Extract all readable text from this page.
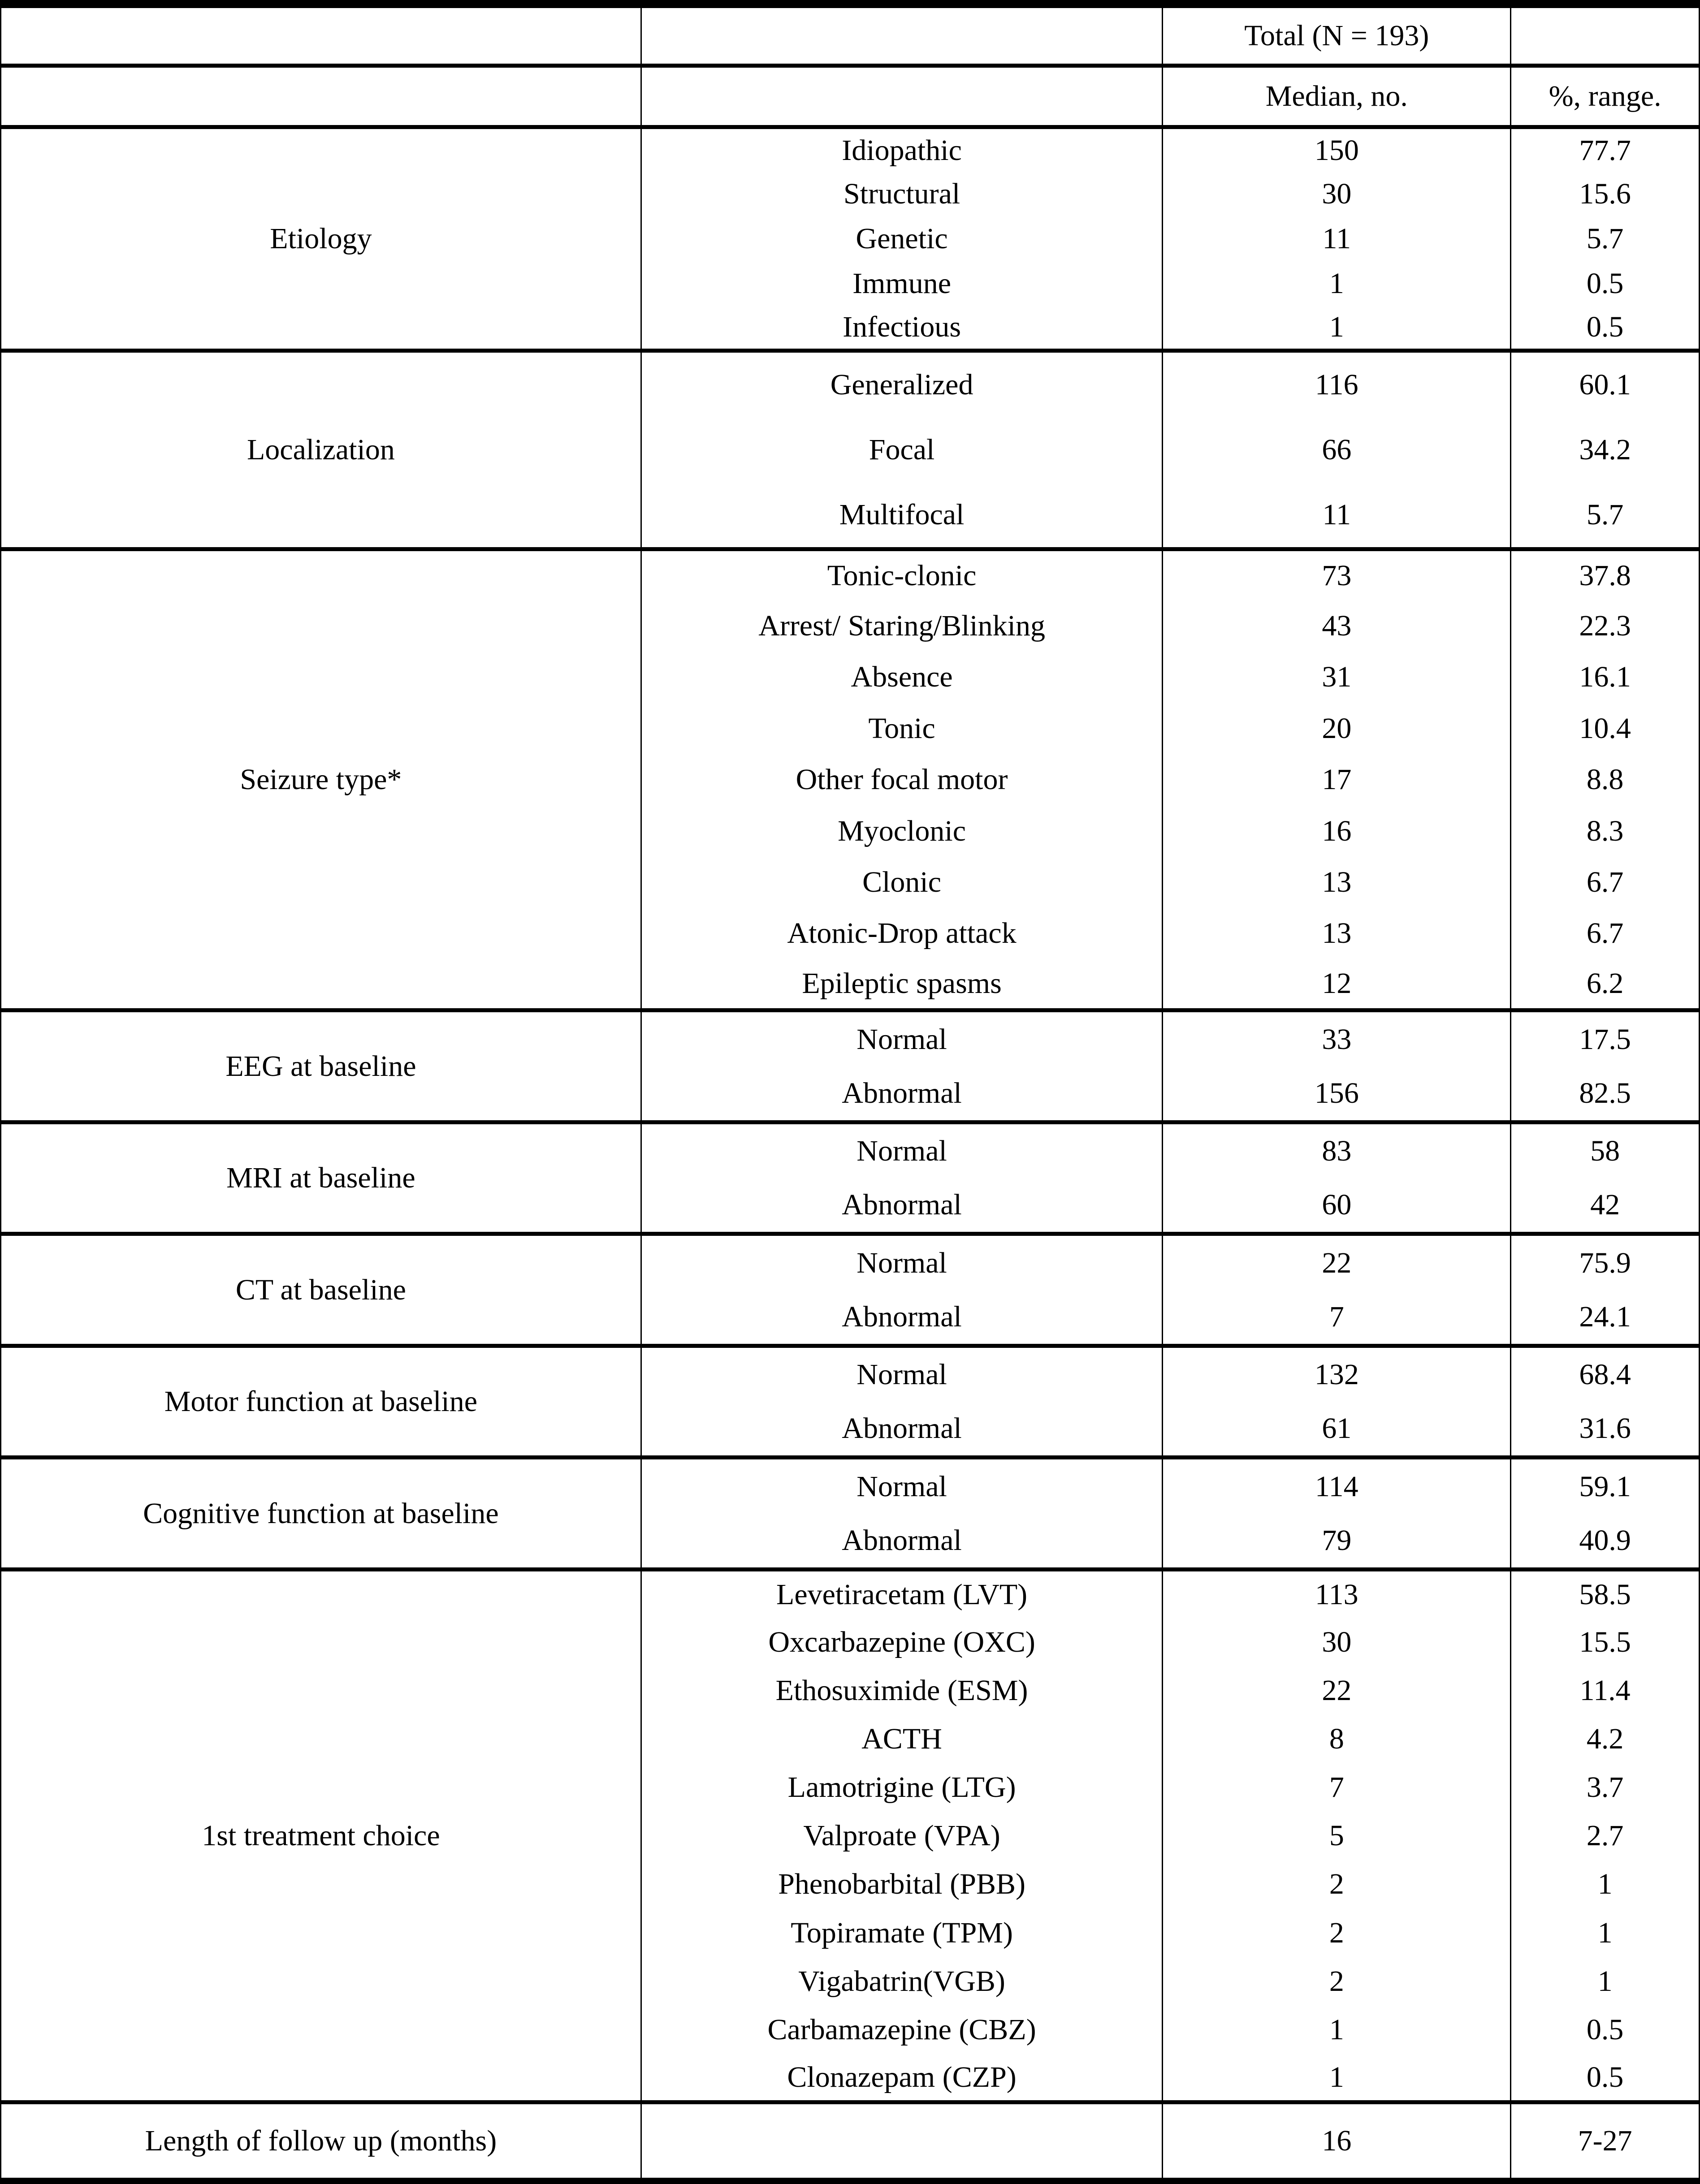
		Total (N = 193)	
		Median, no.	%, range.
Etiology	Idiopathic	150	77.7
	Structural	30	15.6
	Genetic	11	5.7
	Immune	1	0.5
	Infectious	1	0.5
Localization	Generalized	116	60.1
	Focal	66	34.2
	Multifocal	11	5.7
Seizure type*	Tonic-clonic	73	37.8
	Arrest/ Staring/Blinking	43	22.3
	Absence	31	16.1
	Tonic	20	10.4
	Other focal motor	17	8.8
	Myoclonic	16	8.3
	Clonic	13	6.7
	Atonic-Drop attack	13	6.7
	Epileptic spasms	12	6.2
EEG at baseline	Normal	33	17.5
	Abnormal	156	82.5
MRI at baseline	Normal	83	58
	Abnormal	60	42
CT at baseline	Normal	22	75.9
	Abnormal	7	24.1
Motor function at baseline	Normal	132	68.4
	Abnormal	61	31.6
Cognitive function at baseline	Normal	114	59.1
	Abnormal	79	40.9
1st treatment choice	Levetiracetam (LVT)	113	58.5
	Oxcarbazepine (OXC)	30	15.5
	Ethosuximide (ESM)	22	11.4
	ACTH	8	4.2
	Lamotrigine (LTG)	7	3.7
	Valproate (VPA)	5	2.7
	Phenobarbital (PBB)	2	1
	Topiramate (TPM)	2	1
	Vigabatrin(VGB)	2	1
	Carbamazepine (CBZ)	1	0.5
	Clonazepam (CZP)	1	0.5
Length of follow up (months)		16	7-27
